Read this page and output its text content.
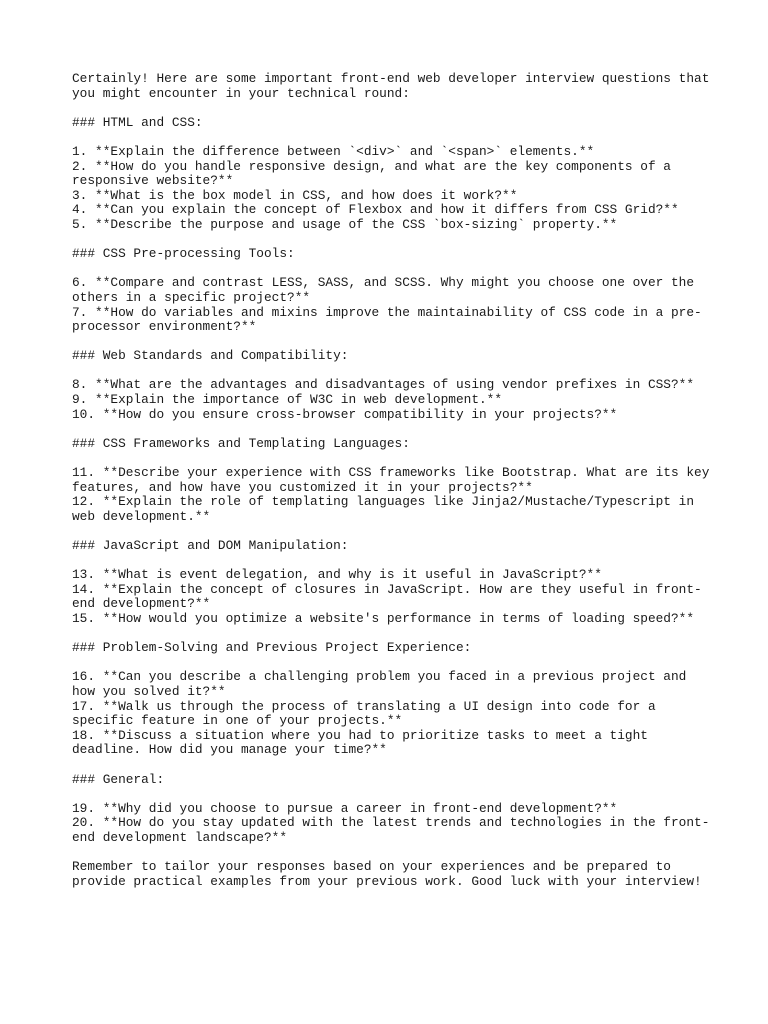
Certainly! Here are some important front-end web developer interview questions that
you might encounter in your technical round:
### HTML and CSS:
1. **Explain the difference between `<div>` and `<span>` elements.**
2. **How do you handle responsive design, and what are the key components of a
responsive website?**
3. **What is the box model in CSS, and how does it work?**
4. **Can you explain the concept of Flexbox and how it differs from CSS Grid?**
5. **Describe the purpose and usage of the CSS `box-sizing` property.**
### CSS Pre-processing Tools:
6. **Compare and contrast LESS, SASS, and SCSS. Why might you choose one over the
others in a specific project?**
7. **How do variables and mixins improve the maintainability of CSS code in a pre-
processor environment?**
### Web Standards and Compatibility:
8. **What are the advantages and disadvantages of using vendor prefixes in CSS?**
9. **Explain the importance of W3C in web development.**
10. **How do you ensure cross-browser compatibility in your projects?**
### CSS Frameworks and Templating Languages:
11. **Describe your experience with CSS frameworks like Bootstrap. What are its key
features, and how have you customized it in your projects?**
12. **Explain the role of templating languages like Jinja2/Mustache/Typescript in
web development.**
### JavaScript and DOM Manipulation:
13. **What is event delegation, and why is it useful in JavaScript?**
14. **Explain the concept of closures in JavaScript. How are they useful in front-
end development?**
15. **How would you optimize a website's performance in terms of loading speed?**
### Problem-Solving and Previous Project Experience:
16. **Can you describe a challenging problem you faced in a previous project and
how you solved it?**
17. **Walk us through the process of translating a UI design into code for a
specific feature in one of your projects.**
18. **Discuss a situation where you had to prioritize tasks to meet a tight
deadline. How did you manage your time?**
### General:
19. **Why did you choose to pursue a career in front-end development?**
20. **How do you stay updated with the latest trends and technologies in the front-
end development landscape?**
Remember to tailor your responses based on your experiences and be prepared to
provide practical examples from your previous work. Good luck with your interview!
